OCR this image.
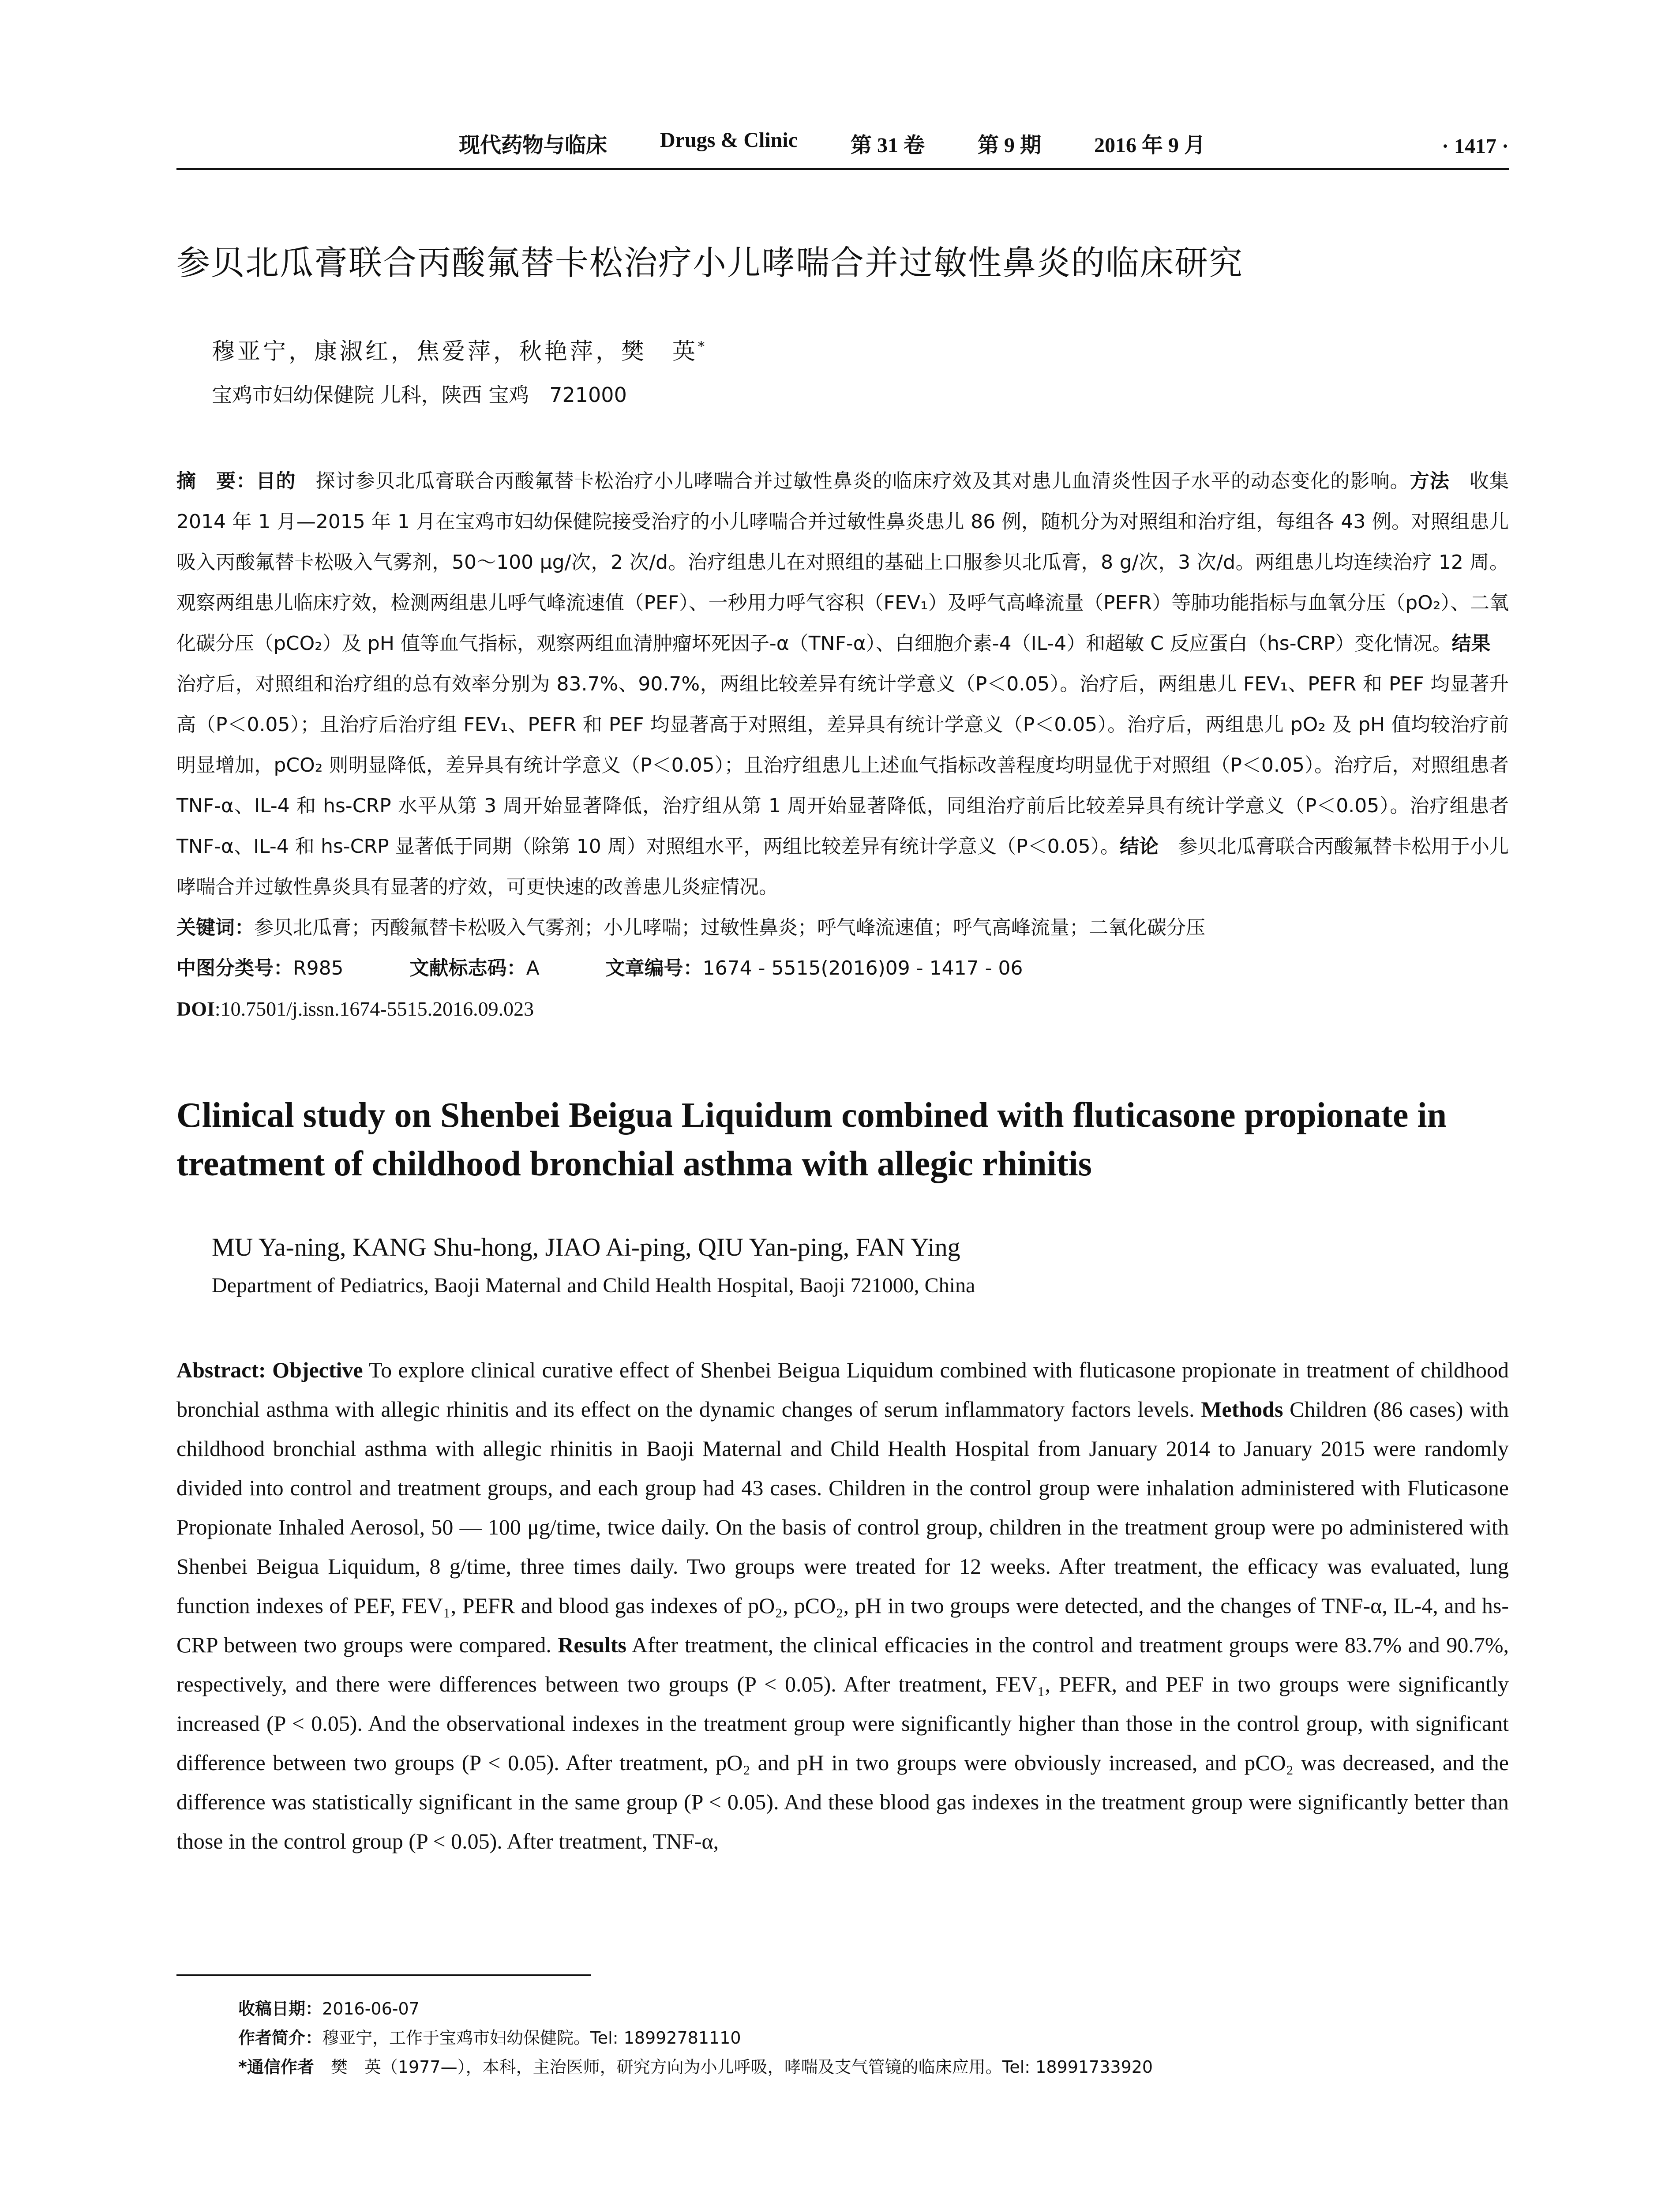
现代药物与临床	Drugs & Clinic	第 31 卷	第 9 期	2016 年 9 月	· 1417 ·
参贝北瓜膏联合丙酸氟替卡松治疗小儿哮喘合并过敏性鼻炎的临床研究
穆亚宁，康淑红，焦爱萍，秋艳萍，樊　英*
宝鸡市妇幼保健院 儿科，陕西 宝鸡　721000
摘　要：目的　探讨参贝北瓜膏联合丙酸氟替卡松治疗小儿哮喘合并过敏性鼻炎的临床疗效及其对患儿血清炎性因子水平的动态变化的影响。方法　收集 2014 年 1 月—2015 年 1 月在宝鸡市妇幼保健院接受治疗的小儿哮喘合并过敏性鼻炎患儿 86 例，随机分为对照组和治疗组，每组各 43 例。对照组患儿吸入丙酸氟替卡松吸入气雾剂，50～100 μg/次，2 次/d。治疗组患儿在对照组的基础上口服参贝北瓜膏，8 g/次，3 次/d。两组患儿均连续治疗 12 周。观察两组患儿临床疗效，检测两组患儿呼气峰流速值（PEF）、一秒用力呼气容积（FEV₁）及呼气高峰流量（PEFR）等肺功能指标与血氧分压（pO₂）、二氧化碳分压（pCO₂）及 pH 值等血气指标，观察两组血清肿瘤坏死因子-α（TNF-α）、白细胞介素-4（IL-4）和超敏 C 反应蛋白（hs-CRP）变化情况。结果　治疗后，对照组和治疗组的总有效率分别为 83.7%、90.7%，两组比较差异有统计学意义（P＜0.05）。治疗后，两组患儿 FEV₁、PEFR 和 PEF 均显著升高（P＜0.05）；且治疗后治疗组 FEV₁、PEFR 和 PEF 均显著高于对照组，差异具有统计学意义（P＜0.05）。治疗后，两组患儿 pO₂ 及 pH 值均较治疗前明显增加，pCO₂ 则明显降低，差异具有统计学意义（P＜0.05）；且治疗组患儿上述血气指标改善程度均明显优于对照组（P＜0.05）。治疗后，对照组患者 TNF-α、IL-4 和 hs-CRP 水平从第 3 周开始显著降低，治疗组从第 1 周开始显著降低，同组治疗前后比较差异具有统计学意义（P＜0.05）。治疗组患者 TNF-α、IL-4 和 hs-CRP 显著低于同期（除第 10 周）对照组水平，两组比较差异有统计学意义（P＜0.05）。结论　参贝北瓜膏联合丙酸氟替卡松用于小儿哮喘合并过敏性鼻炎具有显著的疗效，可更快速的改善患儿炎症情况。
关键词：参贝北瓜膏；丙酸氟替卡松吸入气雾剂；小儿哮喘；过敏性鼻炎；呼气峰流速值；呼气高峰流量；二氧化碳分压
中图分类号：R985	文献标志码：A	文章编号：1674 - 5515(2016)09 - 1417 - 06
DOI:10.7501/j.issn.1674-5515.2016.09.023
Clinical study on Shenbei Beigua Liquidum combined with fluticasone propionate in treatment of childhood bronchial asthma with allegic rhinitis
MU Ya-ning, KANG Shu-hong, JIAO Ai-ping, QIU Yan-ping, FAN Ying
Department of Pediatrics, Baoji Maternal and Child Health Hospital, Baoji 721000, China
Abstract: Objective To explore clinical curative effect of Shenbei Beigua Liquidum combined with fluticasone propionate in treatment of childhood bronchial asthma with allegic rhinitis and its effect on the dynamic changes of serum inflammatory factors levels. Methods Children (86 cases) with childhood bronchial asthma with allegic rhinitis in Baoji Maternal and Child Health Hospital from January 2014 to January 2015 were randomly divided into control and treatment groups, and each group had 43 cases. Children in the control group were inhalation administered with Fluticasone Propionate Inhaled Aerosol, 50 — 100 μg/time, twice daily. On the basis of control group, children in the treatment group were po administered with Shenbei Beigua Liquidum, 8 g/time, three times daily. Two groups were treated for 12 weeks. After treatment, the efficacy was evaluated, lung function indexes of PEF, FEV₁, PEFR and blood gas indexes of pO₂, pCO₂, pH in two groups were detected, and the changes of TNF-α, IL-4, and hs-CRP between two groups were compared. Results After treatment, the clinical efficacies in the control and treatment groups were 83.7% and 90.7%, respectively, and there were differences between two groups (P < 0.05). After treatment, FEV₁, PEFR, and PEF in two groups were significantly increased (P < 0.05). And the observational indexes in the treatment group were significantly higher than those in the control group, with significant difference between two groups (P < 0.05). After treatment, pO₂ and pH in two groups were obviously increased, and pCO₂ was decreased, and the difference was statistically significant in the same group (P < 0.05). And these blood gas indexes in the treatment group were significantly better than those in the control group (P < 0.05). After treatment, TNF-α,
收稿日期：2016-06-07
作者简介：穆亚宁，工作于宝鸡市妇幼保健院。Tel: 18992781110
*通信作者　樊　英（1977—），本科，主治医师，研究方向为小儿呼吸，哮喘及支气管镜的临床应用。Tel: 18991733920
